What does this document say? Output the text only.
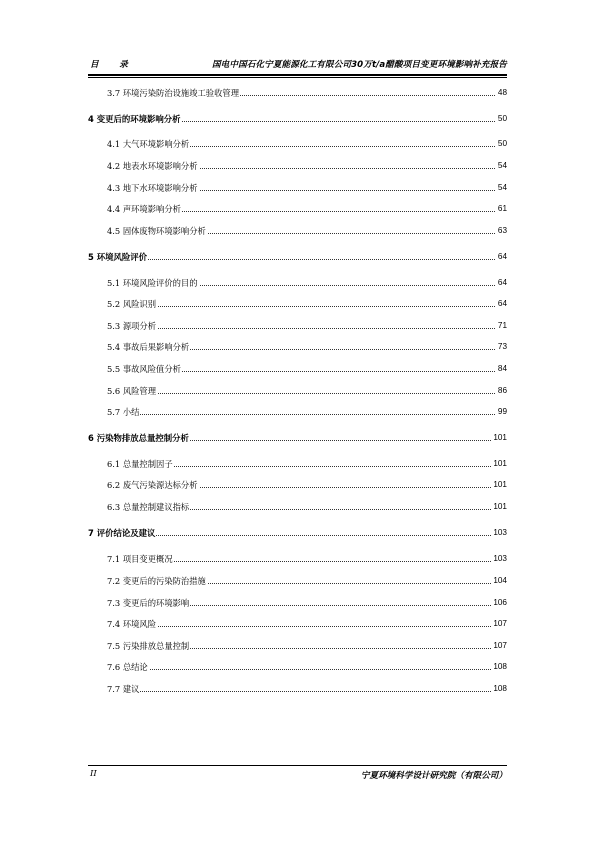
目　录	国电中国石化宁夏能源化工有限公司30万t/a醋酸项目变更环境影响补充报告
3.7 环境污染防治设施竣工验收管理	48
4 变更后的环境影响分析	50
4.1 大气环境影响分析	50
4.2 地表水环境影响分析	54
4.3 地下水环境影响分析	54
4.4 声环境影响分析	61
4.5 固体废物环境影响分析	63
5 环境风险评价	64
5.1 环境风险评价的目的	64
5.2 风险识别	64
5.3 源项分析	71
5.4 事故后果影响分析	73
5.5 事故风险值分析	84
5.6 风险管理	86
5.7 小结	99
6 污染物排放总量控制分析	101
6.1 总量控制因子	101
6.2 废气污染源达标分析	101
6.3 总量控制建议指标	101
7 评价结论及建议	103
7.1 项目变更概况	103
7.2 变更后的污染防治措施	104
7.3 变更后的环境影响	106
7.4 环境风险	107
7.5 污染排放总量控制	107
7.6 总结论	108
7.7 建议	108
II	宁夏环境科学设计研究院（有限公司）
